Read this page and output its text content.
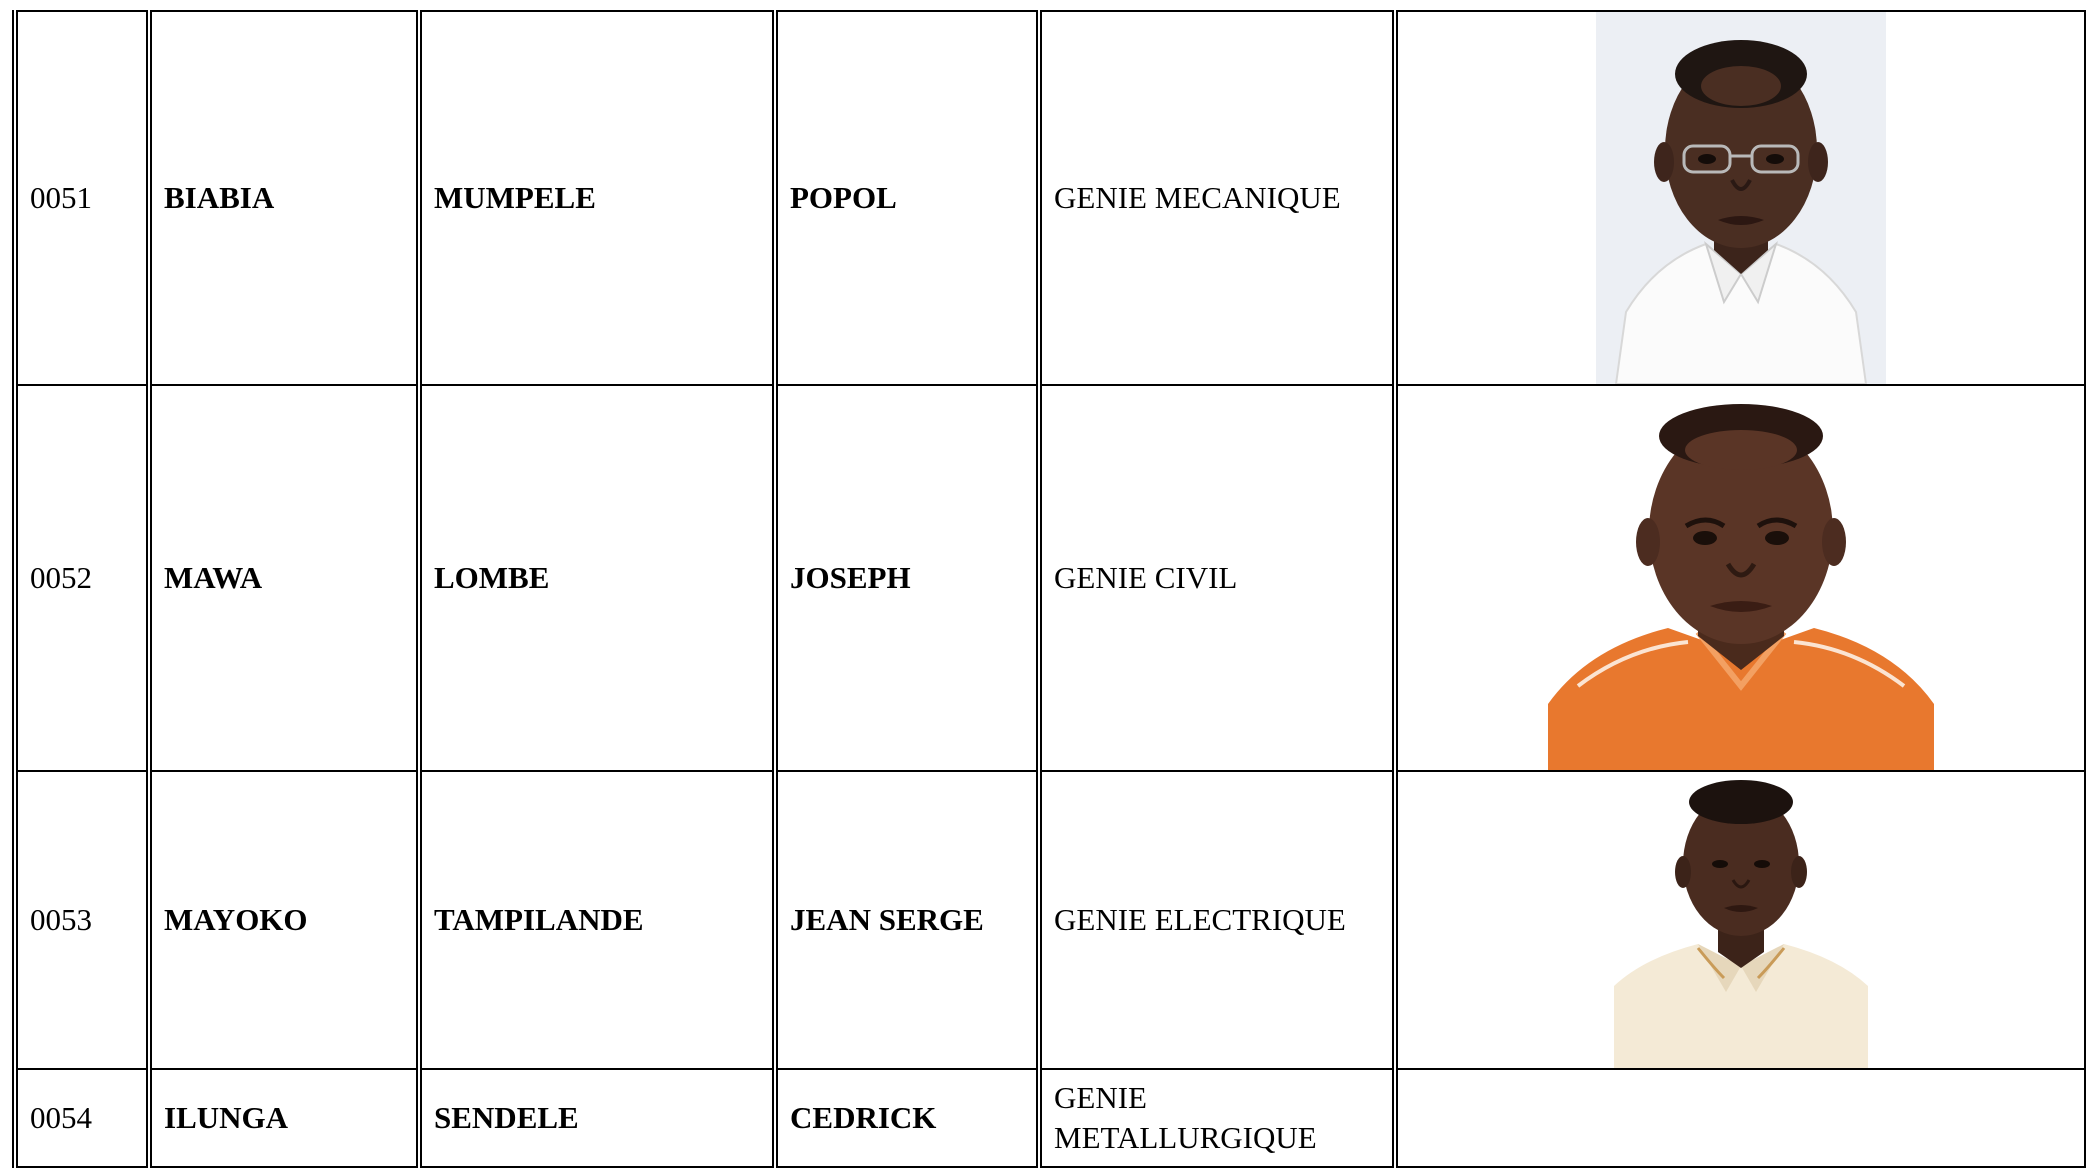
0051	BIABIA	MUMPELE	POPOL	GENIE MECANIQUE	

0052	MAWA	LOMBE	JOSEPH	GENIE CIVIL	

0053	MAYOKO	TAMPILANDE	JEAN SERGE	GENIE ELECTRIQUE	

0054	ILUNGA	SENDELE	CEDRICK	GENIE METALLURGIQUE	
